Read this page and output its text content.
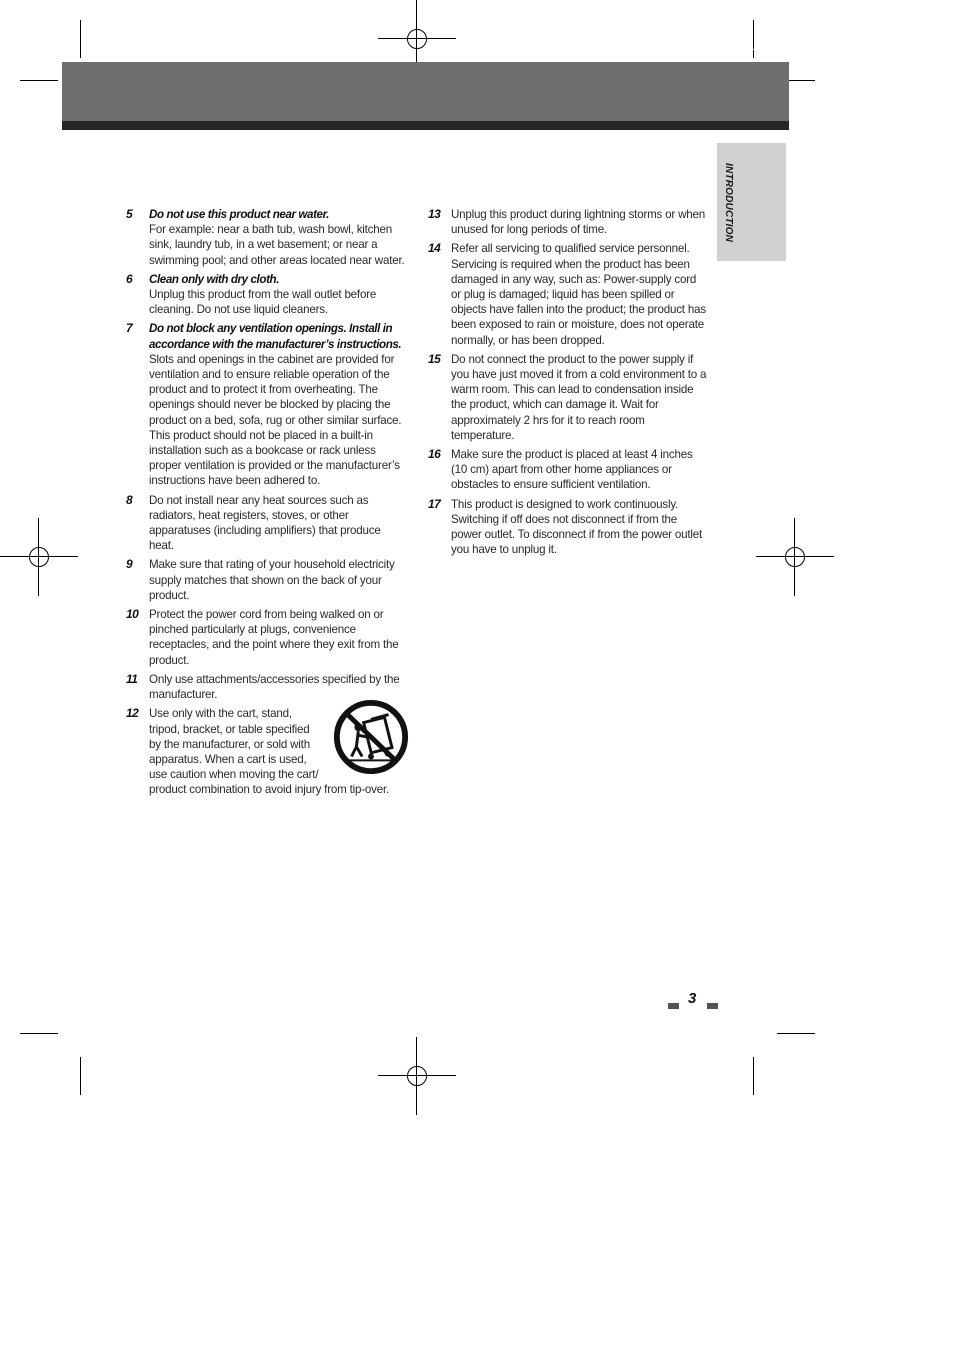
Important Safeguards
INTRODUCTION
5 Do not use this product near water.
For example: near a bath tub, wash bowl, kitchen sink, laundry tub, in a wet basement; or near a swimming pool; and other areas located near water.
6 Clean only with dry cloth.
Unplug this product from the wall outlet before cleaning. Do not use liquid cleaners.
7 Do not block any ventilation openings. Install in accordance with the manufacturer’s instructions.
Slots and openings in the cabinet are provided for ventilation and to ensure reliable operation of the product and to protect it from overheating. The openings should never be blocked by placing the product on a bed, sofa, rug or other similar surface. This product should not be placed in a built-in installation such as a bookcase or rack unless proper ventilation is provided or the manufacturer’s instructions have been adhered to.
8 Do not install near any heat sources such as radiators, heat registers, stoves, or other apparatuses (including amplifiers) that produce heat.
9 Make sure that rating of your household electricity supply matches that shown on the back of your product.
10 Protect the power cord from being walked on or pinched particularly at plugs, convenience receptacles, and the point where they exit from the product.
11 Only use attachments/accessories specified by the manufacturer.
12 Use only with the cart, stand, tripod, bracket, or table specified by the manufacturer, or sold with apparatus. When a cart is used, use caution when moving the cart/ product combination to avoid injury from tip-over.
13 Unplug this product during lightning storms or when unused for long periods of time.
14 Refer all servicing to qualified service personnel. Servicing is required when the product has been damaged in any way, such as: Power-supply cord or plug is damaged; liquid has been spilled or objects have fallen into the product; the product has been exposed to rain or moisture, does not operate normally, or has been dropped.
15 Do not connect the product to the power supply if you have just moved it from a cold environment to a warm room. This can lead to condensation inside the product, which can damage it. Wait for approximately 2 hrs for it to reach room temperature.
16 Make sure the product is placed at least 4 inches (10 cm) apart from other home appliances or obstacles to ensure sufficient ventilation.
17 This product is designed to work continuously. Switching if off does not disconnect if from the power outlet. To disconnect if from the power outlet you have to unplug it.
3
